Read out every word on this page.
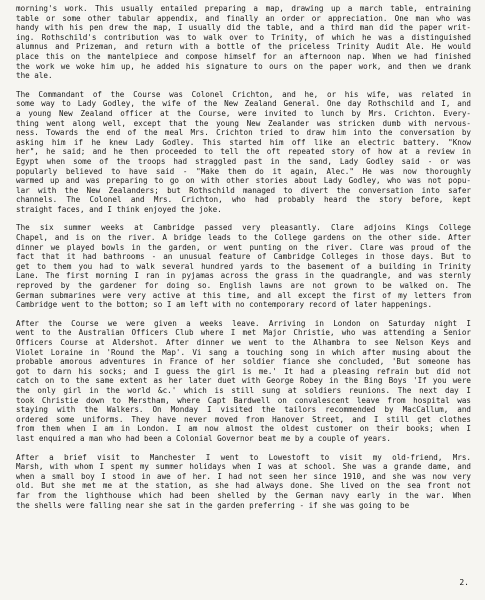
morning's work. This usually entailed preparing a map, drawing up a march table, entraining
table or some other tabular appendix, and finally an order or appreciation. One man who was
handy with his pen drew the map, I usually did the table, and a third man did the paper writ-
ing. Rothschild's contribution was to walk over to Trinity, of which he was a distinguished
alumnus and Prizeman, and return with a bottle of the priceless Trinity Audit Ale. He would
place this on the mantelpiece and compose himself for an afternoon nap. When we had finished
the work we woke him up, he added his signature to ours on the paper work, and then we drank
the ale.
The Commandant of the Course was Colonel Crichton, and he, or his wife, was related in
some way to Lady Godley, the wife of the New Zealand General. One day Rothschild and I, and
a young New Zealand officer at the Course, were invited to lunch by Mrs. Crichton. Every-
thing went along well, except that the young New Zealander was stricken dumb with nervous-
ness. Towards the end of the meal Mrs. Crichton tried to draw him into the conversation by
asking him if he knew Lady Godley. This started him off like an electric battery. "Know
her", he said; and he then proceeded to tell the oft repeated story of how at a review in
Egypt when some of the troops had straggled past in the sand, Lady Godley said - or was
popularly believed to have said - "Make them do it again, Alec." He was now thoroughly
warmed up and was preparing to go on with other stories about Lady Godley, who was not popu-
lar with the New Zealanders; but Rothschild managed to divert the conversation into safer
channels. The Colonel and Mrs. Crichton, who had probably heard the story before, kept
straight faces, and I think enjoyed the joke.
The six summer weeks at Cambridge passed very pleasantly. Clare adjoins Kings College
Chapel, and is on the river. A bridge leads to the College gardens on the other side. After
dinner we played bowls in the garden, or went punting on the river. Clare was proud of the
fact that it had bathrooms - an unusual feature of Cambridge Colleges in those days. But to
get to them you had to walk several hundred yards to the basement of a building in Trinity
Lane. The first morning I ran in pyjamas across the grass in the quadrangle, and was sternly
reproved by the gardener for doing so. English lawns are not grown to be walked on. The
German submarines were very active at this time, and all except the first of my letters from
Cambridge went to the bottom; so I am left with no contemporary record of later happenings.
After the Course we were given a weeks leave. Arriving in London on Saturday night I
went to the Australian Officers Club where I met Major Christie, who was attending a Senior
Officers Course at Aldershot. After dinner we went to the Alhambra to see Nelson Keys and
Violet Loraine in 'Round the Map'. Vi sang a touching song in which after musing about the
probable amorous adventures in France of her soldier fiance she concluded, 'But someone has
got to darn his socks; and I guess the girl is me.' It had a pleasing refrain but did not
catch on to the same extent as her later duet with George Robey in the Bing Boys 'If you were
the only girl in the world &c.' which is still sung at soldiers reunions. The next day I
took Christie down to Merstham, where Capt Bardwell on convalescent leave from hospital was
staying with the Walkers. On Monday I visited the tailors recommended by MacCallum, and
ordered some uniforms. They have never moved from Hanover Street, and I still get clothes
from them when I am in London. I am now almost the oldest customer on their books; when I
last enquired a man who had been a Colonial Governor beat me by a couple of years.
After a brief visit to Manchester I went to Lowestoft to visit my old-friend, Mrs.
Marsh, with whom I spent my summer holidays when I was at school. She was a grande dame, and
when a small boy I stood in awe of her. I had not seen her since 1910, and she was now very
old. But she met me at the station, as she had always done. She lived on the sea front not
far from the lighthouse which had been shelled by the German navy early in the war. When
the shells were falling near she sat in the garden preferring - if she was going to be
2.
